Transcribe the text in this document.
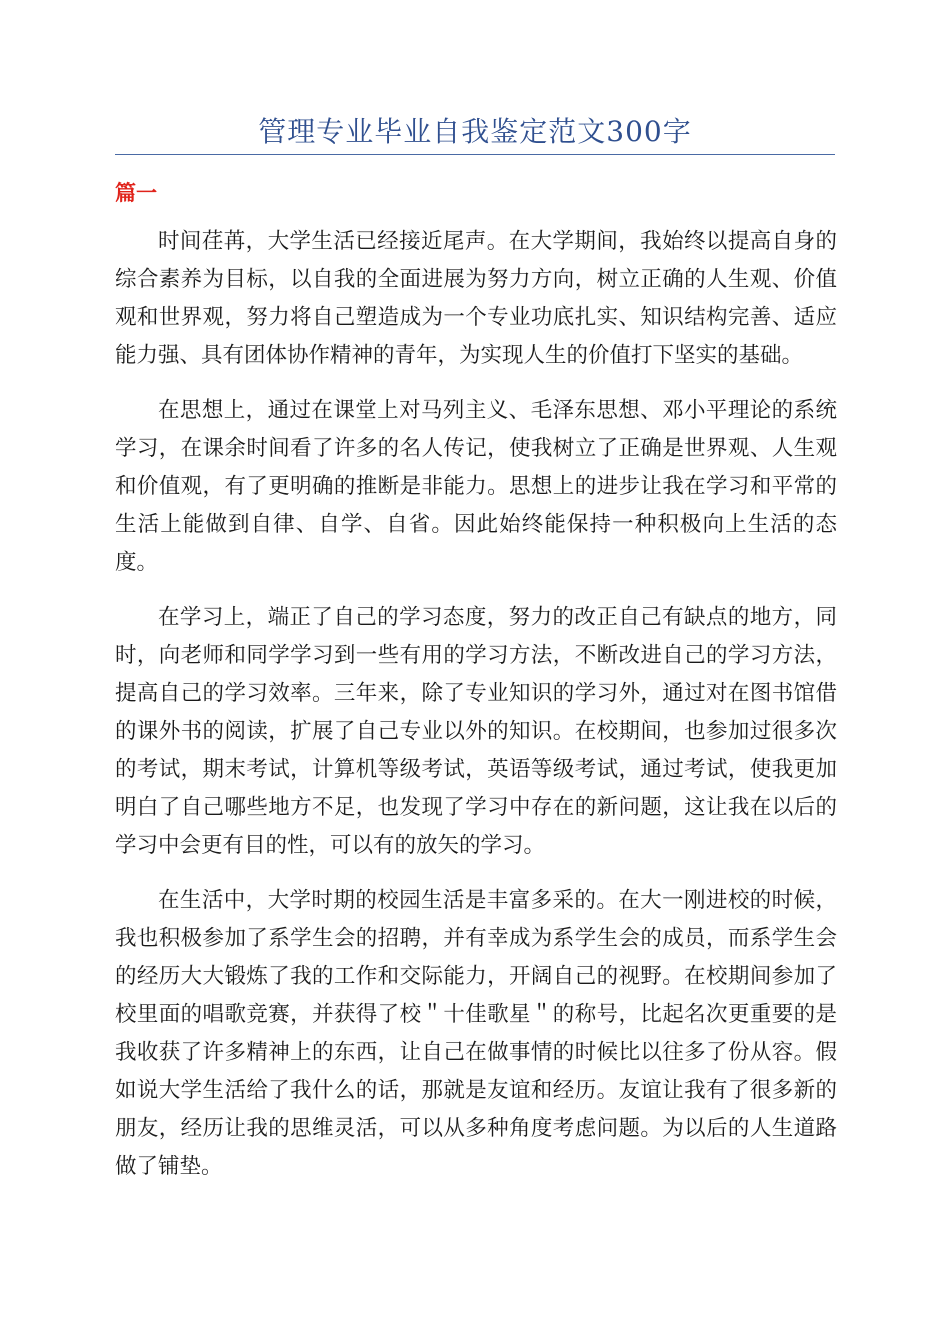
管理专业毕业自我鉴定范文300字
篇一

时间荏苒，大学生活已经接近尾声。在大学期间，我始终以提高自身的综合素养为目标，以自我的全面进展为努力方向，树立正确的人生观、价值观和世界观，努力将自己塑造成为一个专业功底扎实、知识结构完善、适应能力强、具有团体协作精神的青年，为实现人生的价值打下坚实的基础。

在思想上，通过在课堂上对马列主义、毛泽东思想、邓小平理论的系统学习，在课余时间看了许多的名人传记，使我树立了正确是世界观、人生观和价值观，有了更明确的推断是非能力。思想上的进步让我在学习和平常的生活上能做到自律、自学、自省。因此始终能保持一种积极向上生活的态度。

在学习上，端正了自己的学习态度，努力的改正自己有缺点的地方，同时，向老师和同学学习到一些有用的学习方法，不断改进自己的学习方法，提高自己的学习效率。三年来，除了专业知识的学习外，通过对在图书馆借的课外书的阅读，扩展了自己专业以外的知识。在校期间，也参加过很多次的考试，期末考试，计算机等级考试，英语等级考试，通过考试，使我更加明白了自己哪些地方不足，也发现了学习中存在的新问题，这让我在以后的学习中会更有目的性，可以有的放矢的学习。

在生活中，大学时期的校园生活是丰富多采的。在大一刚进校的时候，我也积极参加了系学生会的招聘，并有幸成为系学生会的成员，而系学生会的经历大大锻炼了我的工作和交际能力，开阔自己的视野。在校期间参加了校里面的唱歌竞赛，并获得了校＂十佳歌星＂的称号，比起名次更重要的是我收获了许多精神上的东西，让自己在做事情的时候比以往多了份从容。假如说大学生活给了我什么的话，那就是友谊和经历。友谊让我有了很多新的朋友，经历让我的思维灵活，可以从多种角度考虑问题。为以后的人生道路做了铺垫。
